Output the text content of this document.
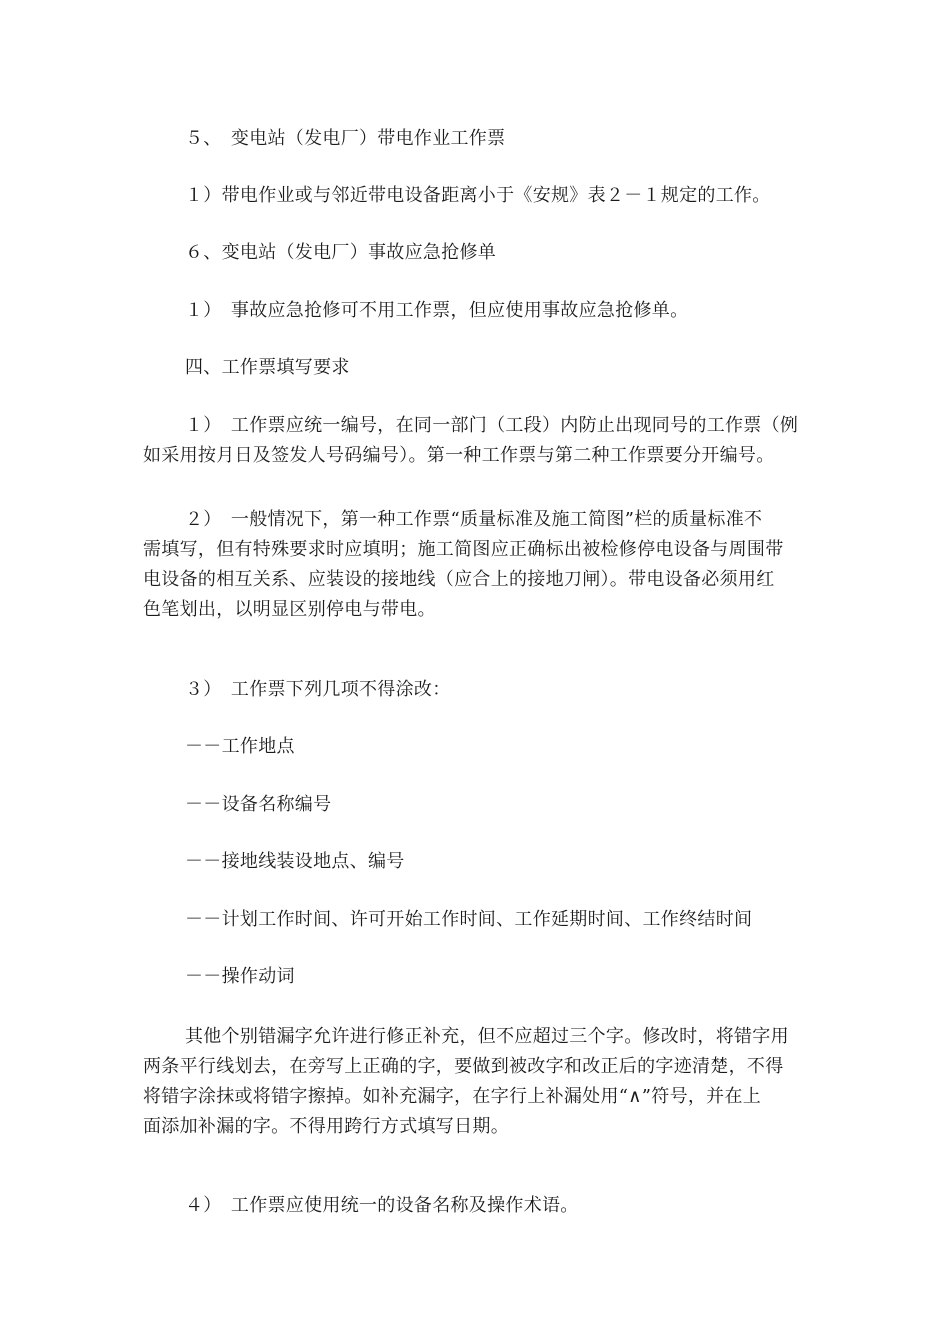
５、　变电站（发电厂）带电作业工作票

１）带电作业或与邻近带电设备距离小于《安规》表２－１规定的工作。

６、变电站（发电厂）事故应急抢修单

１）　事故应急抢修可不用工作票，但应使用事故应急抢修单。

四、工作票填写要求

１）　工作票应统一编号，在同一部门（工段）内防止出现同号的工作票（例
如采用按月日及签发人号码编号）。第一种工作票与第二种工作票要分开编号。

２）　一般情况下，第一种工作票“质量标准及施工简图”栏的质量标准不
需填写，但有特殊要求时应填明；施工简图应正确标出被检修停电设备与周围带
电设备的相互关系、应装设的接地线（应合上的接地刀闸）。带电设备必须用红
色笔划出，以明显区别停电与带电。

３）　工作票下列几项不得涂改：

－－工作地点

－－设备名称编号

－－接地线装设地点、编号

－－计划工作时间、许可开始工作时间、工作延期时间、工作终结时间

－－操作动词

其他个别错漏字允许进行修正补充，但不应超过三个字。修改时，将错字用
两条平行线划去，在旁写上正确的字，要做到被改字和改正后的字迹清楚，不得
将错字涂抹或将错字擦掉。如补充漏字，在字行上补漏处用“∧”符号，并在上
面添加补漏的字。不得用跨行方式填写日期。

４）　工作票应使用统一的设备名称及操作术语。
